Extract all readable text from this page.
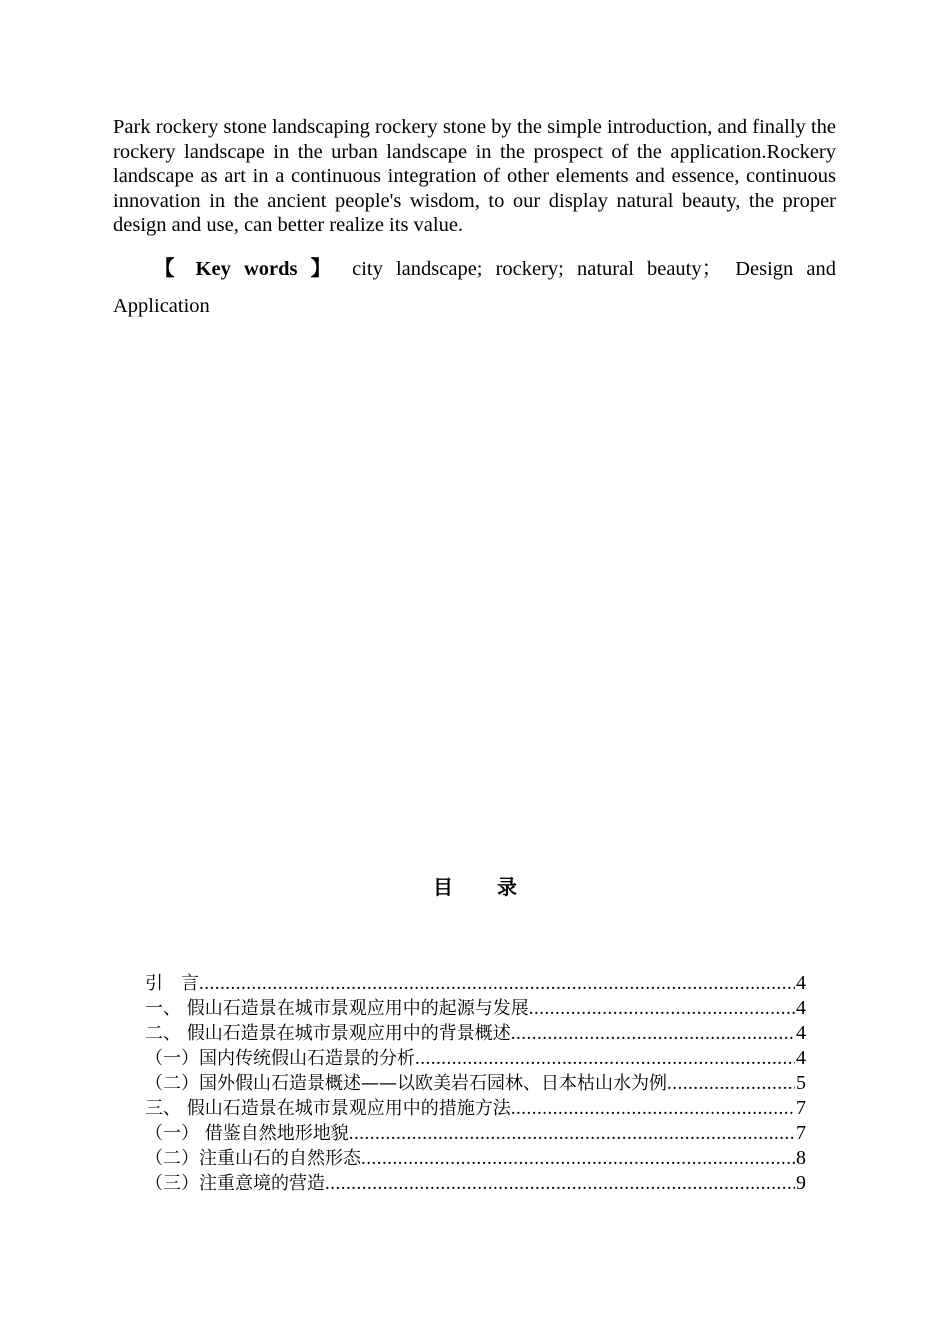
Park rockery stone landscaping rockery stone by the simple introduction, and finally the rockery landscape in the urban landscape in the prospect of the application.Rockery landscape as art in a continuous integration of other elements and essence, continuous innovation in the ancient people's wisdom, to our display natural beauty, the proper design and use, can better realize its value.

【 Key words 】 city landscape; rockery; natural beauty； Design and Application

目录
引　言 .....	4
一、 假山石造景在城市景观应用中的起源与发展 .....	4
二、 假山石造景在城市景观应用中的背景概述 .....	4
（一）国内传统假山石造景的分析 .....	4
（二）国外假山石造景概述——以欧美岩石园林、日本枯山水为例 .....	5
三、 假山石造景在城市景观应用中的措施方法 .....	7
（一） 借鉴自然地形地貌 .....	7
（二）注重山石的自然形态 .....	8
（三）注重意境的营造 .....	9
